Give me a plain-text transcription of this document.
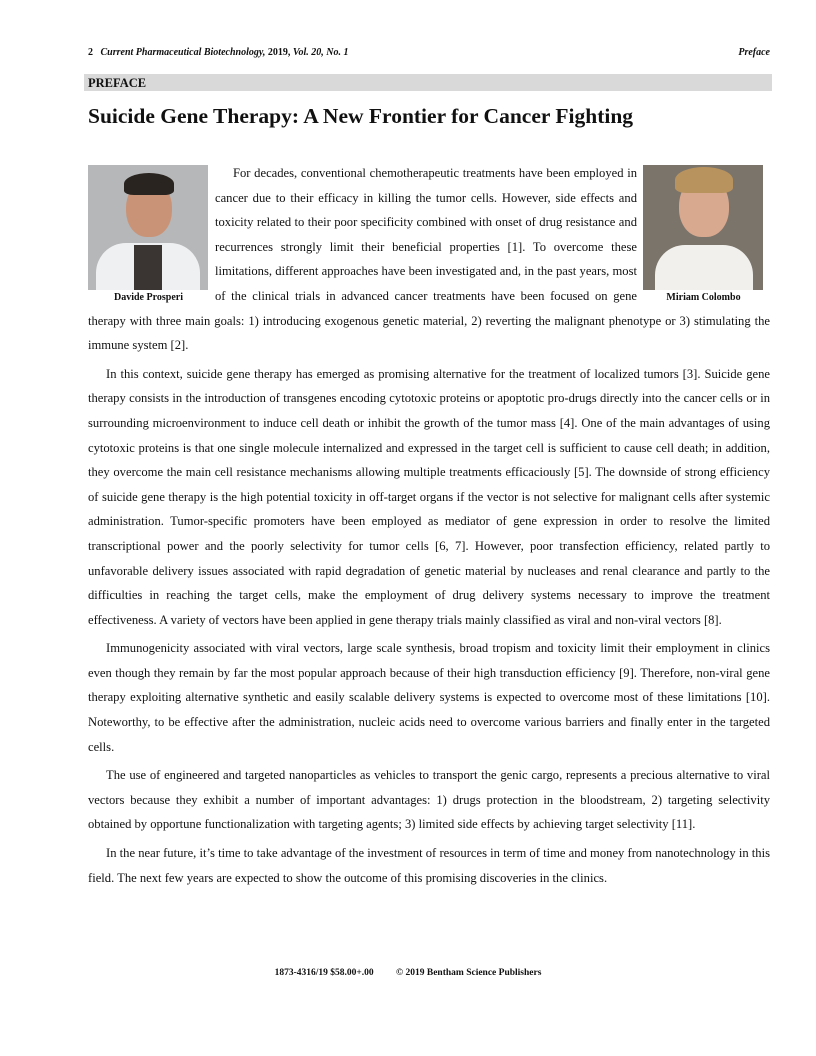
2 Current Pharmaceutical Biotechnology, 2019, Vol. 20, No. 1	Preface
PREFACE
Suicide Gene Therapy: A New Frontier for Cancer Fighting
Davide Prosperi	Miriam Colombo

For decades, conventional chemotherapeutic treatments have been employed in cancer due to their efficacy in killing the tumor cells. However, side effects and toxicity related to their poor specificity combined with onset of drug resistance and recurrences strongly limit their beneficial properties [1]. To overcome these limitations, different approaches have been investigated and, in the past years, most of the clinical trials in advanced cancer treatments have been focused on gene therapy with three main goals: 1) introducing exogenous genetic material, 2) reverting the malignant phenotype or 3) stimulating the immune system [2].

In this context, suicide gene therapy has emerged as promising alternative for the treatment of localized tumors [3]. Suicide gene therapy consists in the introduction of transgenes encoding cytotoxic proteins or apoptotic pro-drugs directly into the cancer cells or in surrounding microenvironment to induce cell death or inhibit the growth of the tumor mass [4]. One of the main advantages of using cytotoxic proteins is that one single molecule internalized and expressed in the target cell is sufficient to cause cell death; in addition, they overcome the main cell resistance mechanisms allowing multiple treatments efficaciously [5]. The downside of strong efficiency of suicide gene therapy is the high potential toxicity in off-target organs if the vector is not selective for malignant cells after systemic administration. Tumor-specific promoters have been employed as mediator of gene expression in order to resolve the limited transcriptional power and the poorly selectivity for tumor cells [6, 7]. However, poor transfection efficiency, related partly to unfavorable delivery issues associated with rapid degradation of genetic material by nucleases and renal clearance and partly to the difficulties in reaching the target cells, make the employment of drug delivery systems necessary to improve the treatment effectiveness. A variety of vectors have been applied in gene therapy trials mainly classified as viral and non-viral vectors [8].

Immunogenicity associated with viral vectors, large scale synthesis, broad tropism and toxicity limit their employment in clinics even though they remain by far the most popular approach because of their high transduction efficiency [9]. Therefore, non-viral gene therapy exploiting alternative synthetic and easily scalable delivery systems is expected to overcome most of these limitations [10]. Noteworthy, to be effective after the administration, nucleic acids need to overcome various barriers and finally enter in the targeted cells.

The use of engineered and targeted nanoparticles as vehicles to transport the genic cargo, represents a precious alternative to viral vectors because they exhibit a number of important advantages: 1) drugs protection in the bloodstream, 2) targeting selectivity obtained by opportune functionalization with targeting agents; 3) limited side effects by achieving target selectivity [11].

In the near future, it’s time to take advantage of the investment of resources in term of time and money from nanotechnology in this field. The next few years are expected to show the outcome of this promising discoveries in the clinics.

1873-4316/19 $58.00+.00 © 2019 Bentham Science Publishers
